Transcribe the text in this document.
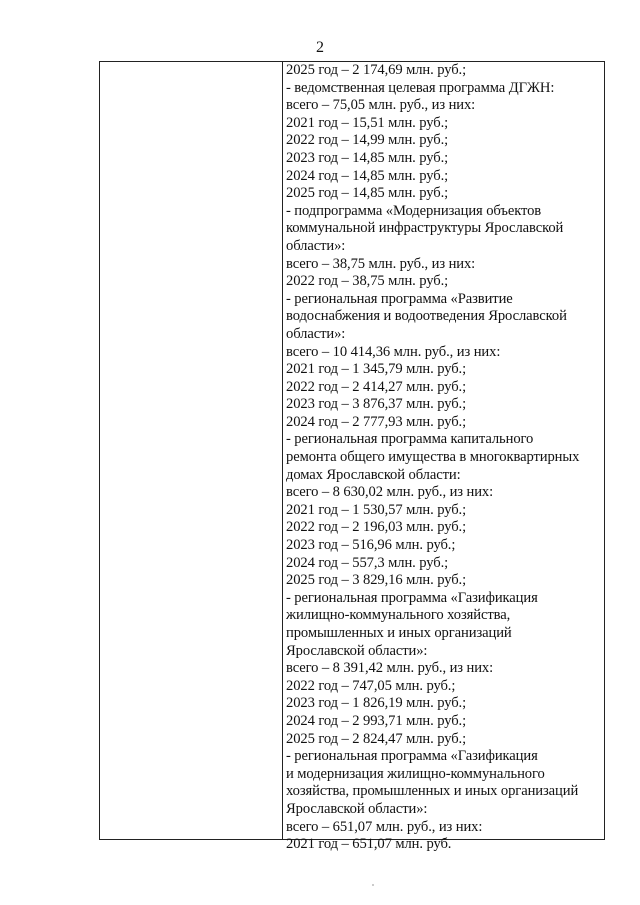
2
2025 год – 2 174,69 млн. руб.;
- ведомственная целевая программа ДГЖН:
всего – 75,05 млн. руб., из них:
2021 год – 15,51 млн. руб.;
2022 год – 14,99 млн. руб.;
2023 год – 14,85 млн. руб.;
2024 год – 14,85 млн. руб.;
2025 год – 14,85 млн. руб.;
- подпрограмма «Модернизация объектов
коммунальной инфраструктуры Ярославской
области»:
всего – 38,75 млн. руб., из них:
2022 год – 38,75 млн. руб.;
- региональная программа «Развитие
водоснабжения и водоотведения Ярославской
области»:
всего – 10 414,36 млн. руб., из них:
2021 год – 1 345,79 млн. руб.;
2022 год – 2 414,27 млн. руб.;
2023 год – 3 876,37 млн. руб.;
2024 год – 2 777,93 млн. руб.;
- региональная программа капитального
ремонта общего имущества в многоквартирных
домах Ярославской области:
всего – 8 630,02 млн. руб., из них:
2021 год – 1 530,57 млн. руб.;
2022 год – 2 196,03 млн. руб.;
2023 год – 516,96 млн. руб.;
2024 год – 557,3 млн. руб.;
2025 год – 3 829,16 млн. руб.;
- региональная программа «Газификация
жилищно-коммунального хозяйства,
промышленных и иных организаций
Ярославской области»:
всего – 8 391,42 млн. руб., из них:
2022 год – 747,05 млн. руб.;
2023 год – 1 826,19 млн. руб.;
2024 год – 2 993,71 млн. руб.;
2025 год – 2 824,47 млн. руб.;
- региональная программа «Газификация
и модернизация жилищно-коммунального
хозяйства, промышленных и иных организаций
Ярославской области»:
всего – 651,07 млн. руб., из них:
2021 год – 651,07 млн. руб.
